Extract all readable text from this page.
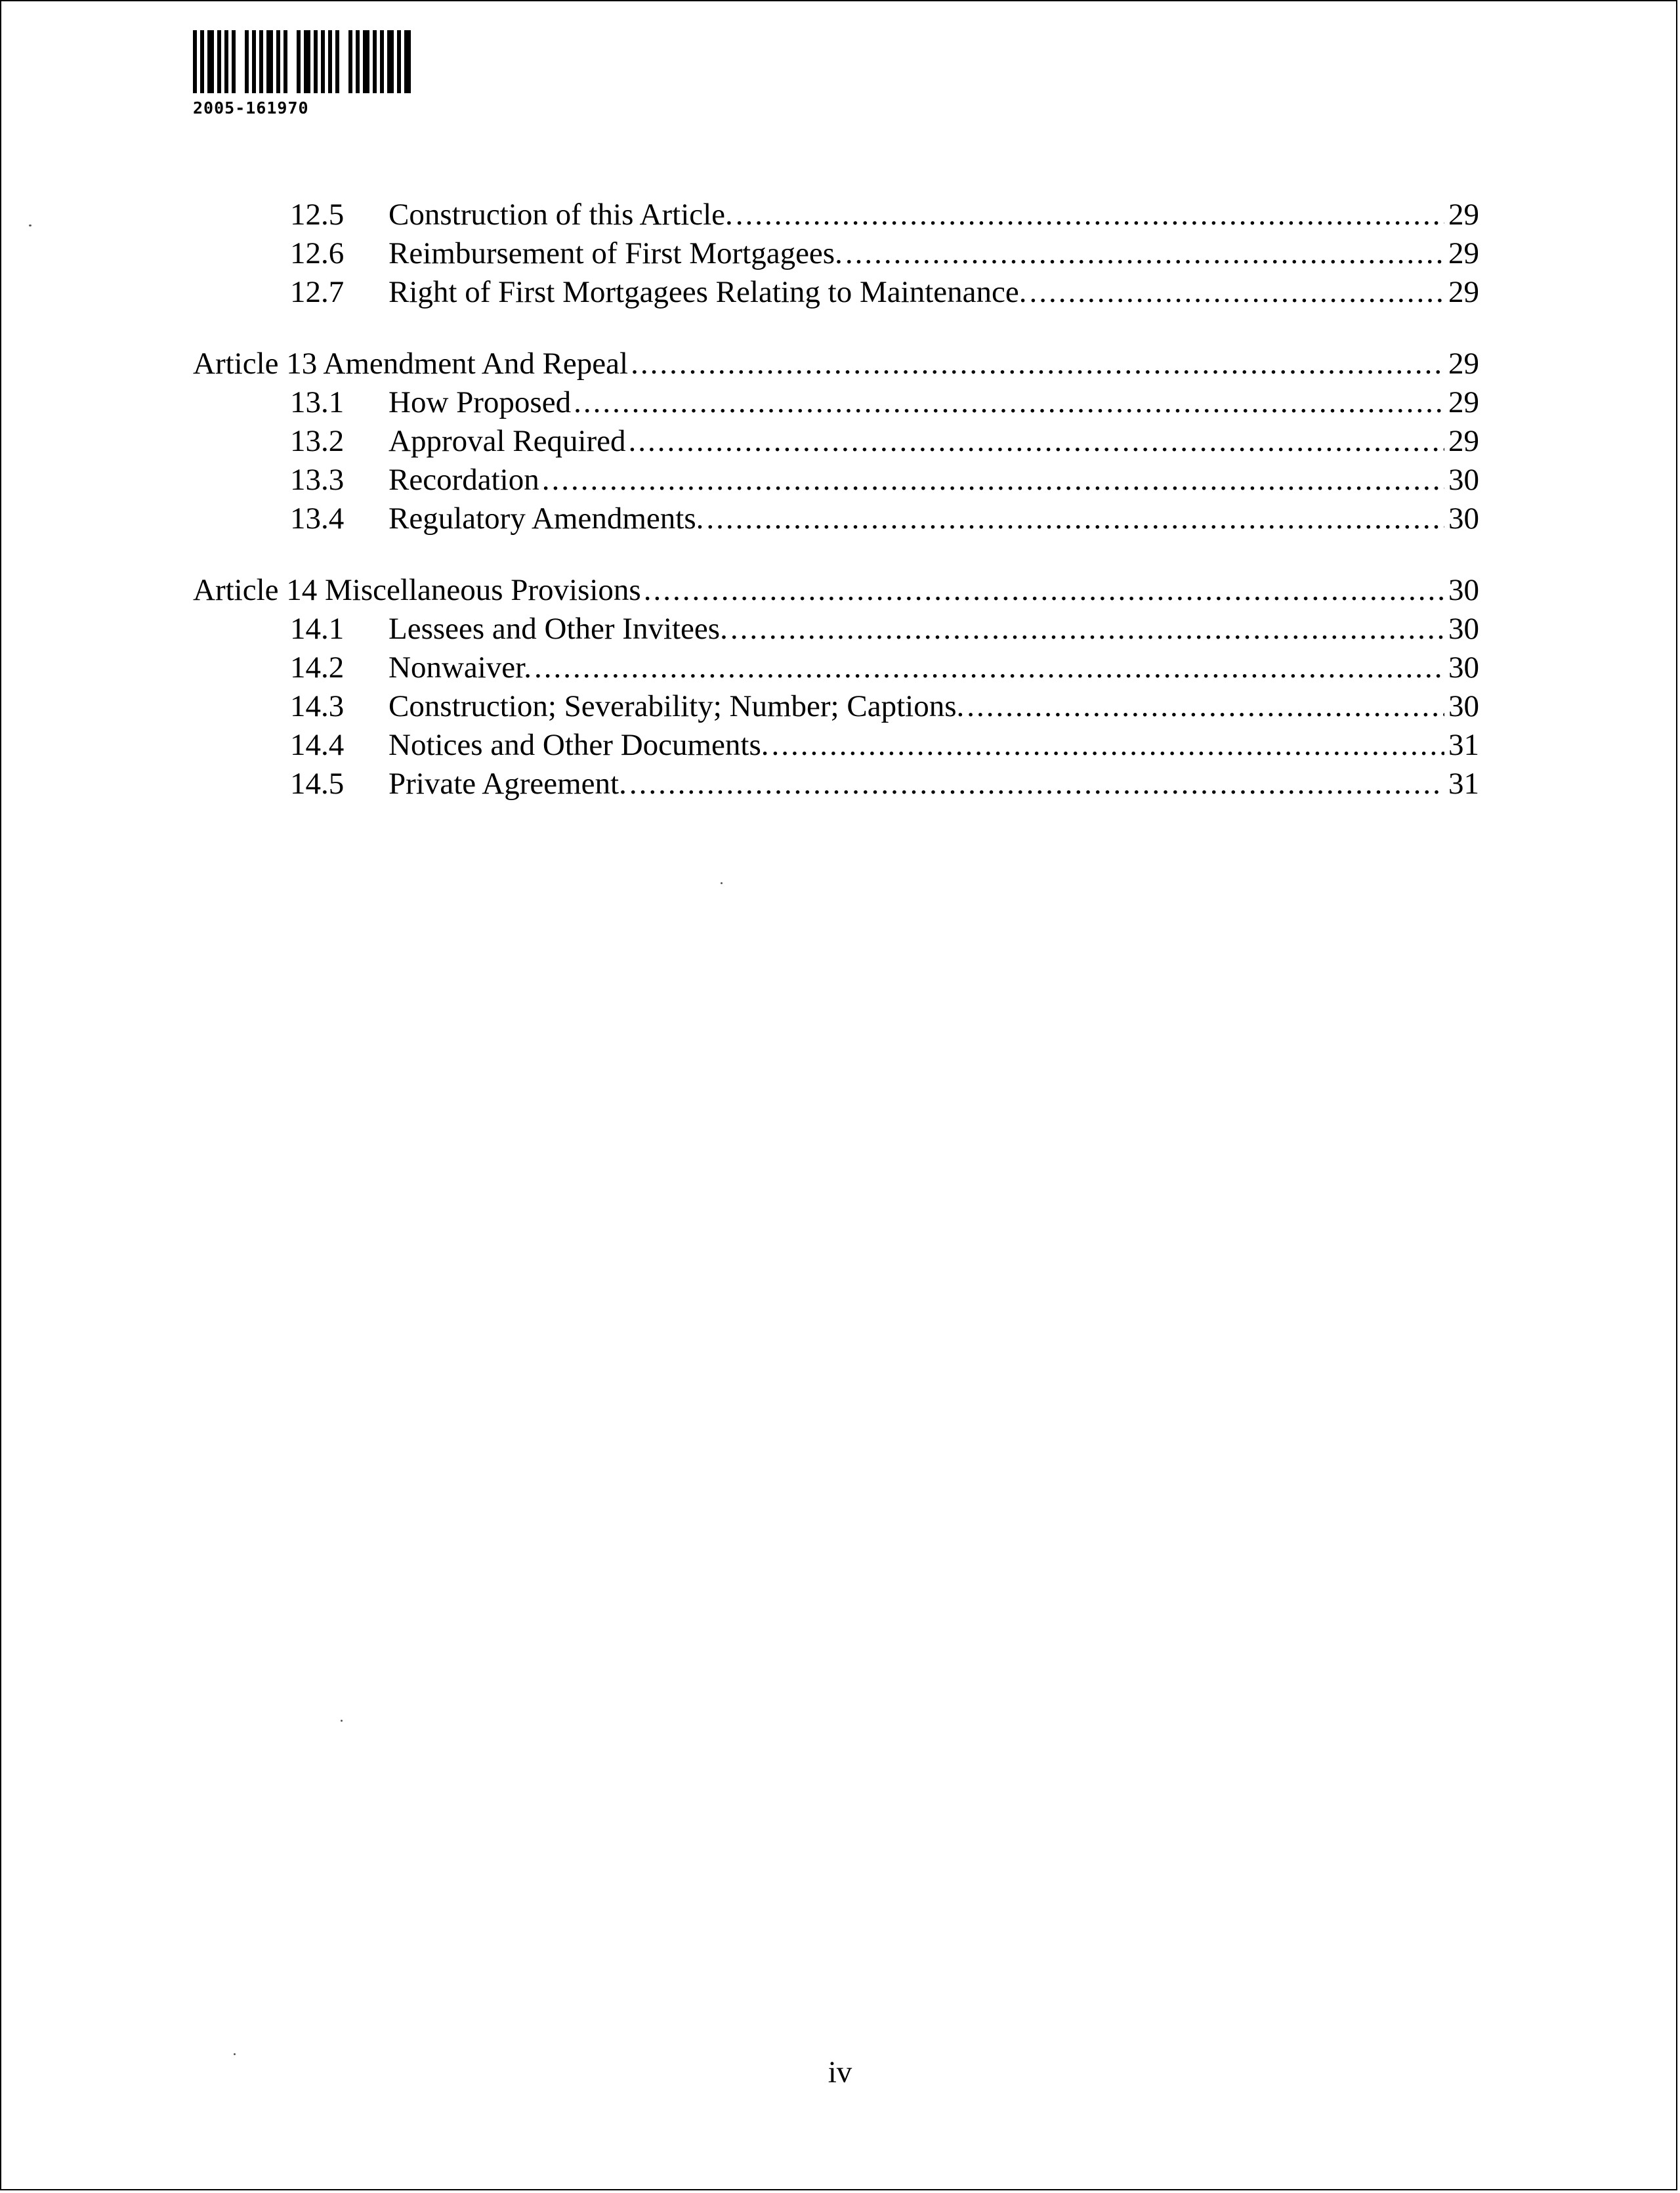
2005-161970
12.5	Construction of this Article. .....	29
12.6	Reimbursement of First Mortgagees. .....	29
12.7	Right of First Mortgagees Relating to Maintenance. .....	29
Article 13 Amendment And Repeal .....	29
13.1	How Proposed .....	29
13.2	Approval Required .....	29
13.3	Recordation .....	30
13.4	Regulatory Amendments. .....	30
Article 14 Miscellaneous Provisions .....	30
14.1	Lessees and Other Invitees. .....	30
14.2	Nonwaiver. .....	30
14.3	Construction; Severability; Number; Captions. .....	30
14.4	Notices and Other Documents. .....	31
14.5	Private Agreement. .....	31
iv
